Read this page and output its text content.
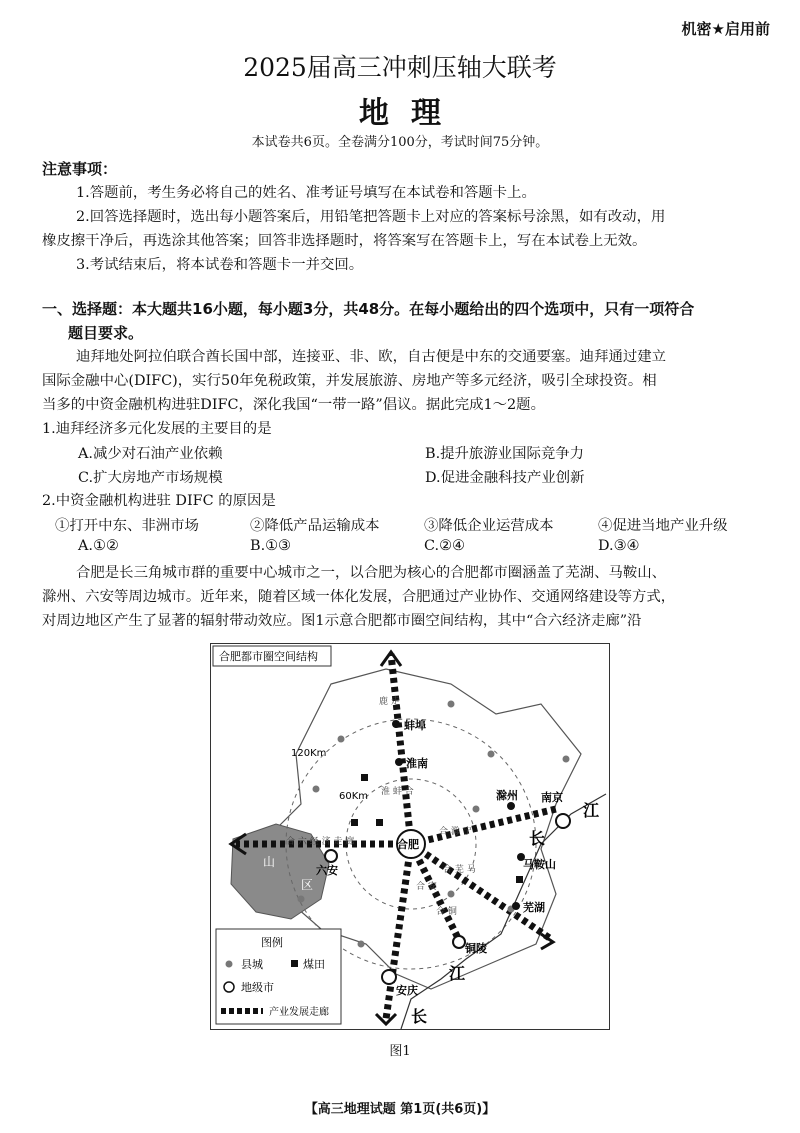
机密★启用前
2025届高三冲刺压轴大联考
地理
本试卷共6页。全卷满分100分，考试时间75分钟。
注意事项：
1.答题前，考生务必将自己的姓名、准考证号填写在本试卷和答题卡上。
2.回答选择题时，选出每小题答案后，用铅笔把答题卡上对应的答案标号涂黑，如有改动，用
橡皮擦干净后，再选涂其他答案；回答非选择题时，将答案写在答题卡上，写在本试卷上无效。
3.考试结束后，将本试卷和答题卡一并交回。
一、选择题：本大题共16小题，每小题3分，共48分。在每小题给出的四个选项中，只有一项符合
题目要求。
迪拜地处阿拉伯联合酋长国中部，连接亚、非、欧，自古便是中东的交通要塞。迪拜通过建立
国际金融中心(DIFC)，实行50年免税政策，并发展旅游、房地产等多元经济，吸引全球投资。相
当多的中资金融机构进驻DIFC，深化我国“一带一路”倡议。据此完成1～2题。
1.迪拜经济多元化发展的主要目的是
A.减少对石油产业依赖	B.提升旅游业国际竞争力
C.扩大房地产市场规模	D.促进金融科技产业创新
2.中资金融机构进驻 DIFC 的原因是
①打开中东、非洲市场	②降低产品运输成本	③降低企业运营成本	④促进当地产业升级
A.①②	B.①③	C.②④	D.③④
合肥是长三角城市群的重要中心城市之一，以合肥为核心的合肥都市圈涵盖了芜湖、马鞍山、
滁州、六安等周边城市。近年来，随着区域一体化发展，合肥通过产业协作、交通网络建设等方式，
对周边地区产生了显著的辐射带动效应。图1示意合肥都市圈空间结构，其中“合六经济走廊”沿
山
区
120Km
60Km
江
长
江
长
图例
县城	煤田
地级市
产业发展走廊
合肥
蚌埠
淮南
滁州 南京
马鞍山
芜湖
铜陵
安庆
六安
合 六 经 济 走 廊
合 滁 宁
淮 蚌 合
合 芜 马
合 安
合 铜
鹿 走
合肥都市圈空间结构
图1
【高三地理试题 第1页(共6页)】
